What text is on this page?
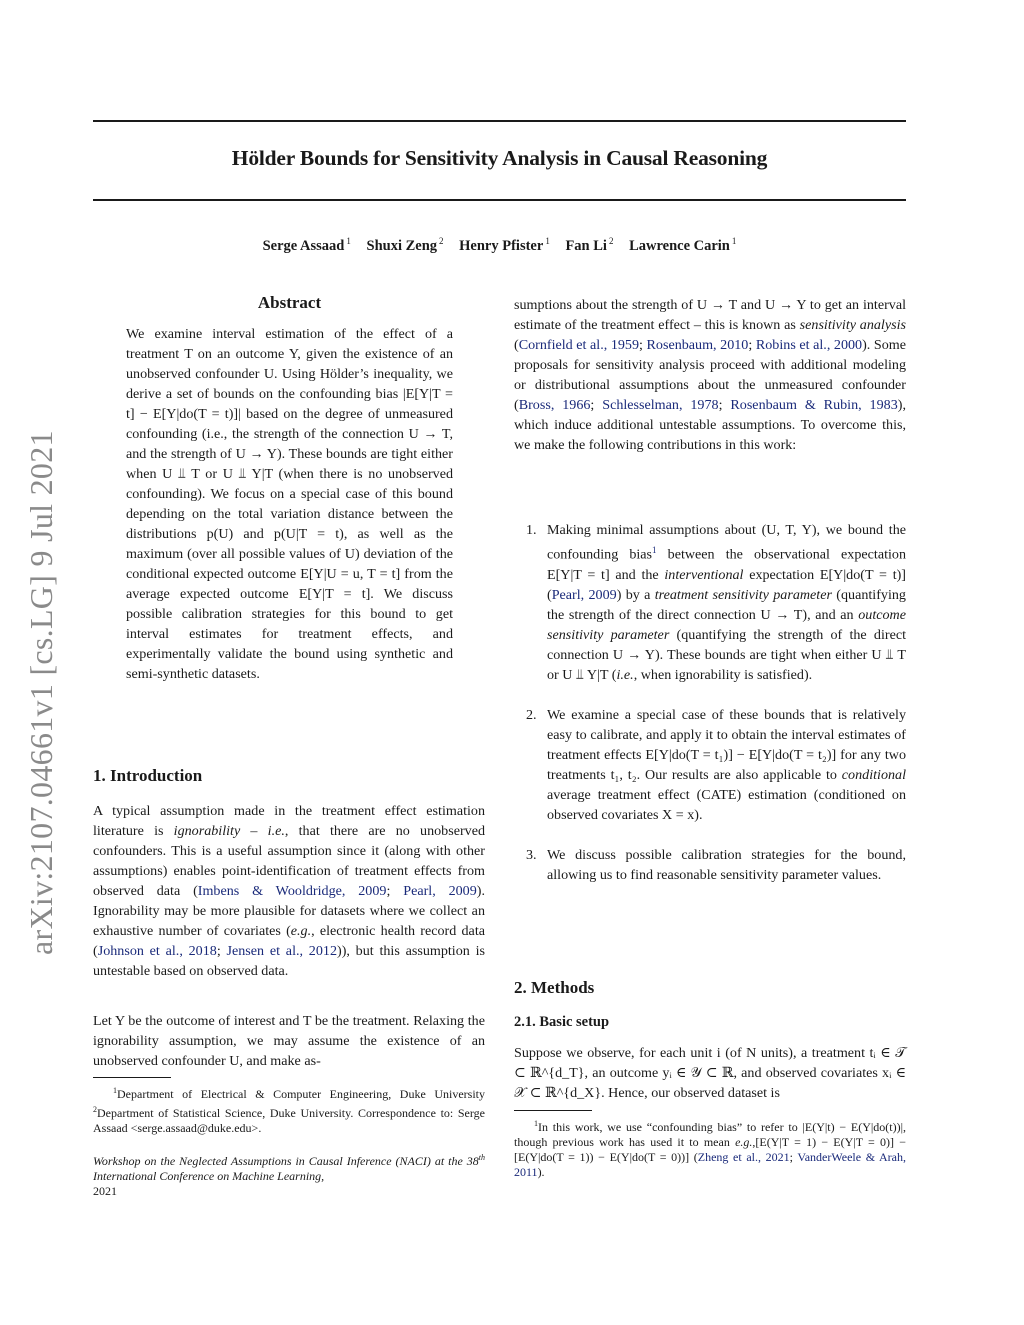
arXiv:2107.04661v1 [cs.LG] 9 Jul 2021
Hölder Bounds for Sensitivity Analysis in Causal Reasoning
Serge Assaad $^1$ Shuxi Zeng $^2$ Henry Pfister $^1$ Fan Li $^2$ Lawrence Carin $^1$
Abstract
We examine interval estimation of the effect of a treatment T on an outcome Y, given the existence of an unobserved confounder U. Using Hölder’s inequality, we derive a set of bounds on the confounding bias |E[Y|T = t] − E[Y|do(T = t)]| based on the degree of unmeasured confounding (i.e., the strength of the connection U → T, and the strength of U → Y). These bounds are tight either when U ⫫ T or U ⫫ Y|T (when there is no unobserved confounding). We focus on a special case of this bound depending on the total variation distance between the distributions p(U) and p(U|T = t), as well as the maximum (over all possible values of U) deviation of the conditional expected outcome E[Y|U = u, T = t] from the average expected outcome E[Y|T = t]. We discuss possible calibration strategies for this bound to get interval estimates for treatment effects, and experimentally validate the bound using synthetic and semi-synthetic datasets.
1. Introduction

A typical assumption made in the treatment effect estimation literature is ignorability – i.e., that there are no unobserved confounders. This is a useful assumption since it (along with other assumptions) enables point-identification of treatment effects from observed data (Imbens & Wooldridge, 2009; Pearl, 2009). Ignorability may be more plausible for datasets where we collect an exhaustive number of covariates (e.g., electronic health record data (Johnson et al., 2018; Jensen et al., 2012)), but this assumption is untestable based on observed data.

Let Y be the outcome of interest and T be the treatment. Relaxing the ignorability assumption, we may assume the existence of an unobserved confounder U, and make as-

$^1$Department of Electrical & Computer Engineering, Duke University $^2$Department of Statistical Science, Duke University. Correspondence to: Serge Assaad <serge.assaad@duke.edu>.
Workshop on the Neglected Assumptions in Causal Inference (NACI) at the 38th International Conference on Machine Learning,
2021

sumptions about the strength of U → T and U → Y to get an interval estimate of the treatment effect – this is known as sensitivity analysis (Cornfield et al., 1959; Rosenbaum, 2010; Robins et al., 2000). Some proposals for sensitivity analysis proceed with additional modeling or distributional assumptions about the unmeasured confounder (Bross, 1966; Schlesselman, 1978; Rosenbaum & Rubin, 1983), which induce additional untestable assumptions. To overcome this, we make the following contributions in this work:

1. Making minimal assumptions about (U, T, Y), we bound the confounding bias$^1$ between the observational expectation E[Y|T = t] and the interventional expectation E[Y|do(T = t)] (Pearl, 2009) by a treatment sensitivity parameter (quantifying the strength of the direct connection U → T), and an outcome sensitivity parameter (quantifying the strength of the direct connection U → Y). These bounds are tight when either U ⫫ T or U ⫫ Y|T (i.e., when ignorability is satisfied).
2. We examine a special case of these bounds that is relatively easy to calibrate, and apply it to obtain the interval estimates of treatment effects E[Y|do(T = t₁)] − E[Y|do(T = t₂)] for any two treatments t₁, t₂. Our results are also applicable to conditional average treatment effect (CATE) estimation (conditioned on observed covariates X = x).
3. We discuss possible calibration strategies for the bound, allowing us to find reasonable sensitivity parameter values.
2. Methods
2.1. Basic setup

Suppose we observe, for each unit i (of N units), a treatment tᵢ ∈ 𝒯 ⊂ ℝ^{d_T}, an outcome yᵢ ∈ 𝒴 ⊂ ℝ, and observed covariates xᵢ ∈ 𝒳 ⊂ ℝ^{d_X}. Hence, our observed dataset is

$^1$In this work, we use “confounding bias” to refer to |E(Y|t) − E(Y|do(t))|, though previous work has used it to mean e.g.,[E(Y|T = 1) − E(Y|T = 0)] − [E(Y|do(T = 1)) − E(Y|do(T = 0))] (Zheng et al., 2021; VanderWeele & Arah, 2011).
